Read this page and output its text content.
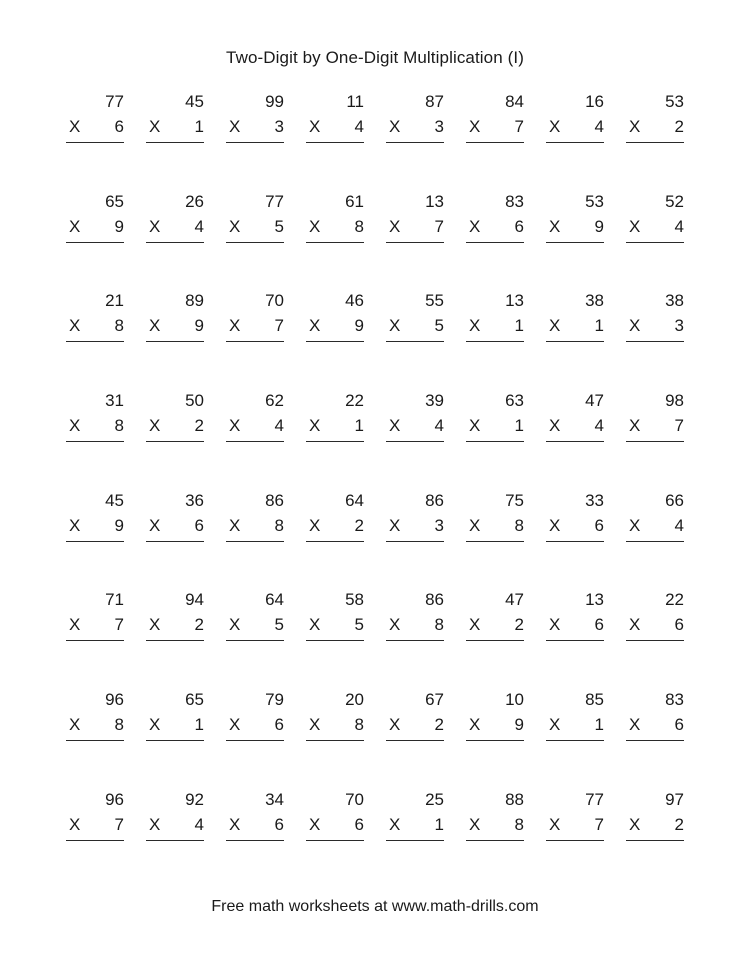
Two-Digit by One-Digit Multiplication (I)
77
X 6
45
X 1
99
X 3
11
X 4
87
X 3
84
X 7
16
X 4
53
X 2
65
X 9
26
X 4
77
X 5
61
X 8
13
X 7
83
X 6
53
X 9
52
X 4
21
X 8
89
X 9
70
X 7
46
X 9
55
X 5
13
X 1
38
X 1
38
X 3
31
X 8
50
X 2
62
X 4
22
X 1
39
X 4
63
X 1
47
X 4
98
X 7
45
X 9
36
X 6
86
X 8
64
X 2
86
X 3
75
X 8
33
X 6
66
X 4
71
X 7
94
X 2
64
X 5
58
X 5
86
X 8
47
X 2
13
X 6
22
X 6
96
X 8
65
X 1
79
X 6
20
X 8
67
X 2
10
X 9
85
X 1
83
X 6
96
X 7
92
X 4
34
X 6
70
X 6
25
X 1
88
X 8
77
X 7
97
X 2
Free math worksheets at www.math-drills.com
